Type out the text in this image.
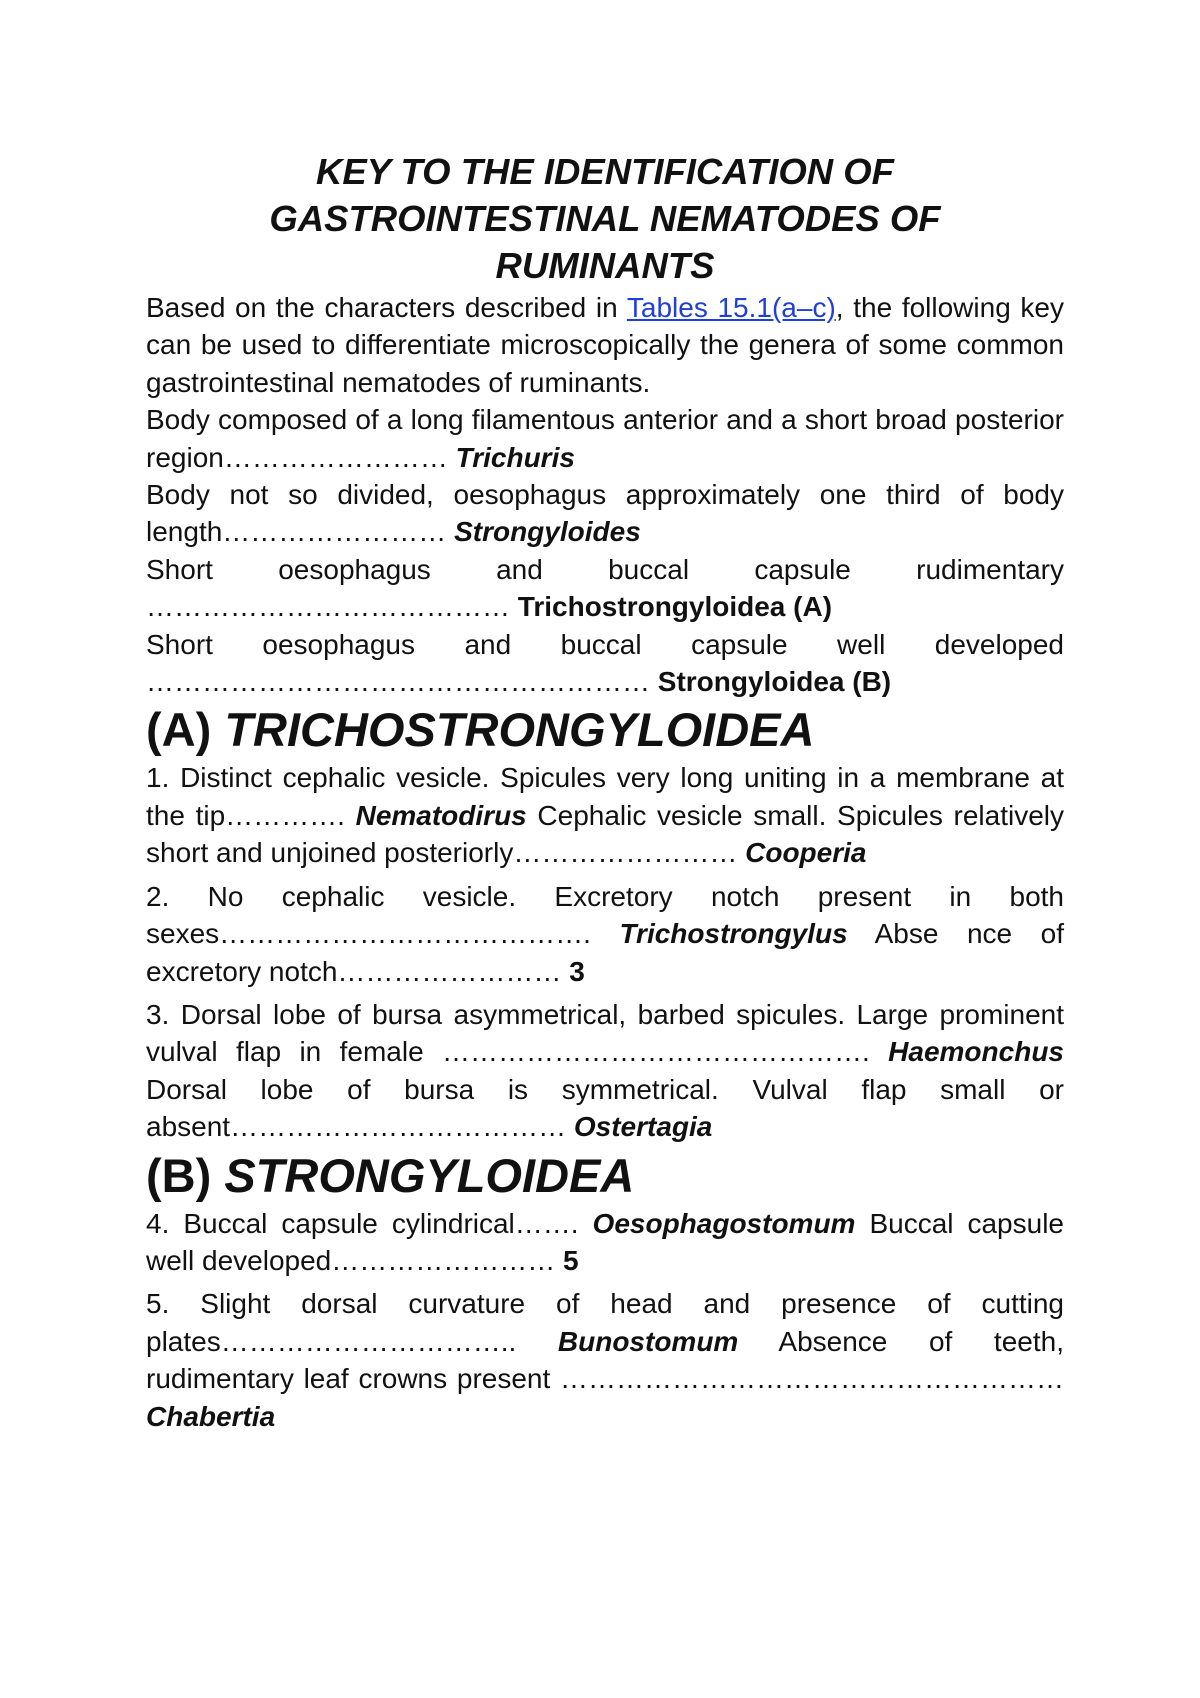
KEY TO THE IDENTIFICATION OF
GASTROINTESTINAL NEMATODES OF
RUMINANTS

Based on the characters described in Tables 15.1(a–c), the following key can be used to differentiate microscopically the genera of some common gastrointestinal nematodes of ruminants.

Body composed of a long filamentous anterior and a short broad posterior region…………………… Trichuris

Body not so divided, oesophagus approximately one third of body length…………………… Strongyloides

Short oesophagus and buccal capsule rudimentary ………………………………… Trichostrongyloidea (A)

Short oesophagus and buccal capsule well developed ……………………………………………… Strongyloidea (B)

(A) TRICHOSTRONGYLOIDEA

1. Distinct cephalic vesicle. Spicules very long uniting in a membrane at the tip…………. Nematodirus Cephalic vesicle small. Spicules relatively short and unjoined posteriorly…………………… Cooperia

2. No cephalic vesicle. Excretory notch present in both sexes…………………………………. Trichostrongylus Abse nce of excretory notch…………………… 3

3. Dorsal lobe of bursa asymmetrical, barbed spicules. Large prominent vulval flap in female ………………………………………. Haemonchus Dorsal lobe of bursa is symmetrical. Vulval flap small or absent……………………………… Ostertagia

(B) STRONGYLOIDEA

4. Buccal capsule cylindrical……. Oesophagostomum Buccal capsule well developed…………………… 5

5. Slight dorsal curvature of head and presence of cutting plates………………………….. Bunostomum Absence of teeth, rudimentary leaf crowns present ……………………………………………… Chabertia
